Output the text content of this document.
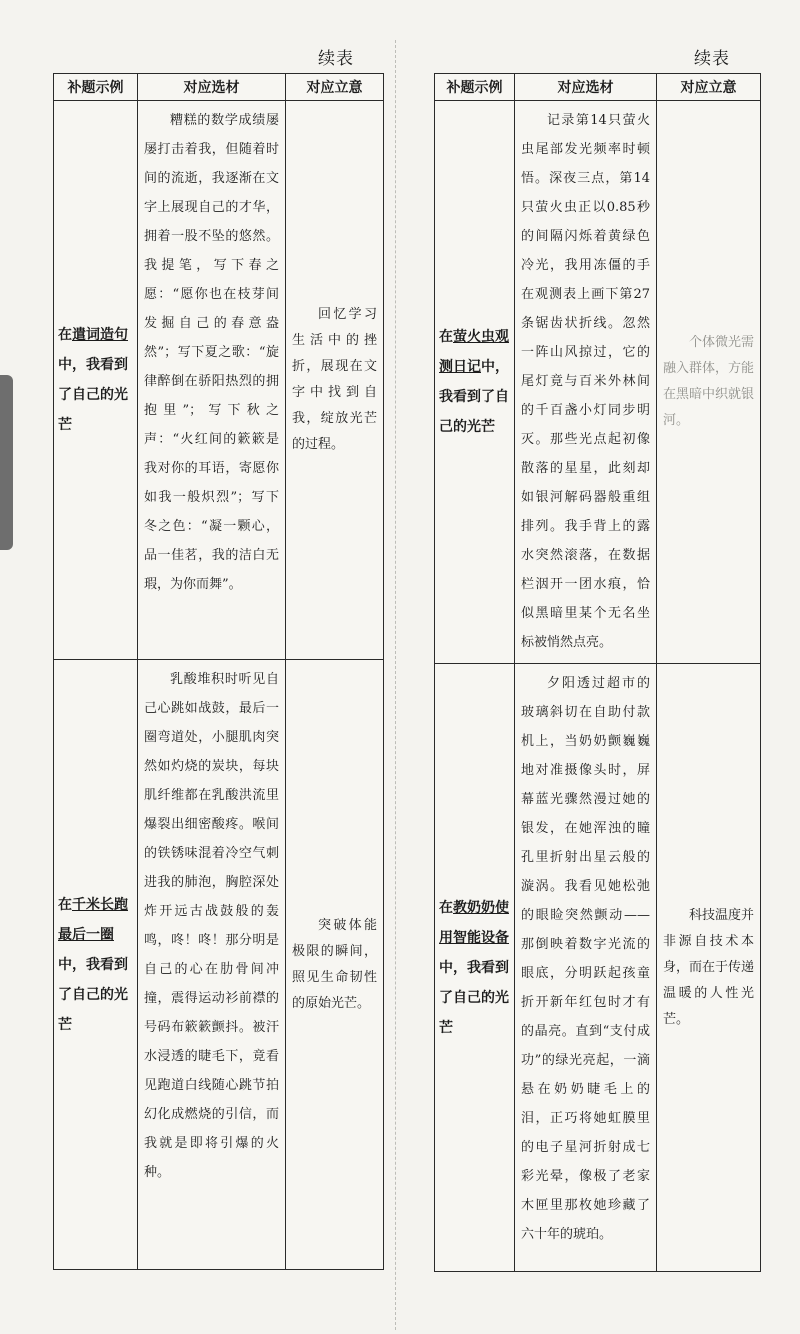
续表	续表
补题示例	对应选材	对应立意
在遣词造句中，我看到了自己的光芒	糟糕的数学成绩屡屡打击着我，但随着时间的流逝，我逐渐在文字上展现自己的才华，拥着一股不坠的悠然。我提笔，写下春之愿：“愿你也在枝芽间发掘自己的春意盎然”；写下夏之歌：“旋律醉倒在骄阳热烈的拥抱里”；写下秋之声：“火红间的簌簌是我对你的耳语，寄愿你如我一般炽烈”；写下冬之色：“凝一颗心，品一佳茗，我的洁白无瑕，为你而舞”。	回忆学习生活中的挫折，展现在文字中找到自我，绽放光芒的过程。

在千米长跑最后一圈中，我看到了自己的光芒	乳酸堆积时听见自己心跳如战鼓，最后一圈弯道处，小腿肌肉突然如灼烧的炭块，每块肌纤维都在乳酸洪流里爆裂出细密酸疼。喉间的铁锈味混着冷空气刺进我的肺泡，胸腔深处炸开远古战鼓般的轰鸣，咚！咚！那分明是自己的心在肋骨间冲撞，震得运动衫前襟的号码布簌簌颤抖。被汗水浸透的睫毛下，竟看见跑道白线随心跳节拍幻化成燃烧的引信，而我就是即将引爆的火种。	突破体能极限的瞬间，照见生命韧性的原始光芒。

补题示例	对应选材	对应立意
在萤火虫观测日记中，我看到了自己的光芒	记录第14只萤火虫尾部发光频率时顿悟。深夜三点，第14只萤火虫正以0.85秒的间隔闪烁着黄绿色冷光，我用冻僵的手在观测表上画下第27条锯齿状折线。忽然一阵山风掠过，它的尾灯竟与百米外林间的千百盏小灯同步明灭。那些光点起初像散落的星星，此刻却如银河解码器般重组排列。我手背上的露水突然滚落，在数据栏洇开一团水痕，恰似黑暗里某个无名坐标被悄然点亮。	个体微光需融入群体，方能在黑暗中织就银河。

在教奶奶使用智能设备中，我看到了自己的光芒	夕阳透过超市的玻璃斜切在自助付款机上，当奶奶颤巍巍地对准摄像头时，屏幕蓝光骤然漫过她的银发，在她浑浊的瞳孔里折射出星云般的漩涡。我看见她松弛的眼睑突然颤动——那倒映着数字光流的眼底，分明跃起孩童折开新年红包时才有的晶亮。直到“支付成功”的绿光亮起，一滴悬在奶奶睫毛上的泪，正巧将她虹膜里的电子星河折射成七彩光晕，像极了老家木匣里那枚她珍藏了六十年的琥珀。	科技温度并非源自技术本身，而在于传递温暖的人性光芒。
